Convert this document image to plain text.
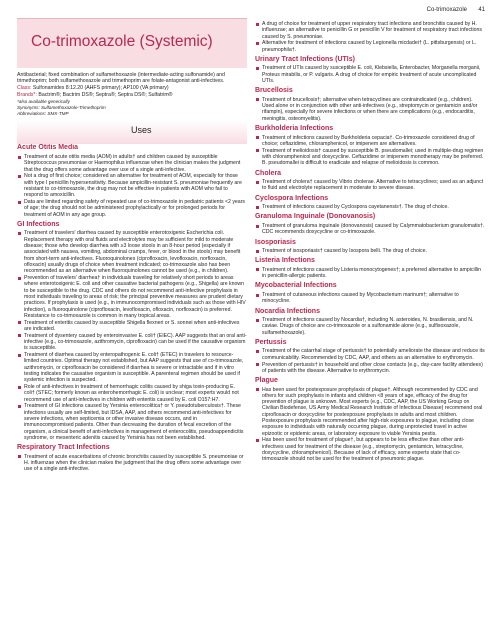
Co-trimoxazole 41
Co-trimoxazole (Systemic)

Antibacterial; fixed combination of sulfamethoxazole (intermediate-acting sulfonamide) and trimethoprim; both sulfamethoxazole and trimethoprim are folate-antagonist anti-infectives.

Class: Sulfonamides 8:12.20 (AHFS primary); AP100 (VA primary)

Brands*: Bactrim®; Bactrim DS®; Septra®; Septra DS®; Sulfatrim®

*also available generically

Synonyms: Sulfamethoxazole-Trimethoprim

Abbreviations: SMX-TMP

Uses
Acute Otitis Media
Treatment of acute otitis media (AOM) in adults† and children caused by susceptible Streptococcus pneumoniae or Haemophilus influenzae when the clinician makes the judgment that the drug offers some advantage over use of a single anti-infective.
Not a drug of first choice; considered an alternative for treatment of AOM, especially for those with type I penicillin hypersensitivity. Because ampicillin-resistant S. pneumoniae frequently are resistant to co-trimoxazole, the drug may not be effective in patients with AOM who fail to respond to amoxicillin.
Data are limited regarding safety of repeated use of co-trimoxazole in pediatric patients <2 years of age; the drug should not be administered prophylactically or for prolonged periods for treatment of AOM in any age group.
GI Infections
Treatment of travelers' diarrhea caused by susceptible enterotoxigenic Escherichia coli. Replacement therapy with oral fluids and electrolytes may be sufficient for mild to moderate disease; those who develop diarrhea with ≥3 loose stools in an 8-hour period (especially if associated with nausea, vomiting, abdominal cramps, fever, or blood in the stools) may benefit from short-term anti-infectives. Fluoroquinolones (ciprofloxacin, levofloxacin, norfloxacin, ofloxacin) usually drugs of choice when treatment indicated; co-trimoxazole also has been recommended as an alternative when fluoroquinolones cannot be used (e.g., in children).
Prevention of travelers' diarrhea† in individuals traveling for relatively short periods to areas where enterotoxigenic E. coli and other causative bacterial pathogens (e.g., Shigella) are known to be susceptible to the drug. CDC and others do not recommend anti-infective prophylaxis in most individuals traveling to areas of risk; the principal preventive measures are prudent dietary practices. If prophylaxis is used (e.g., in immunocompromised individuals such as those with HIV infection), a fluoroquinolone (ciprofloxacin, levofloxacin, ofloxacin, norfloxacin) is preferred. Resistance to co-trimoxazole is common in many tropical areas.
Treatment of enteritis caused by susceptible Shigella flexneri or S. sonnei when anti-infectives are indicated.
Treatment of dysentery caused by enteroinvasive E. coli† (EIEC). AAP suggests that an oral anti-infective (e.g., co-trimoxazole, azithromycin, ciprofloxacin) can be used if the causative organism is susceptible.
Treatment of diarrhea caused by enteropathogenic E. coli† (ETEC) in travelers to resource-limited countries. Optimal therapy not established, but AAP suggests that use of co-trimoxazole, azithromycin, or ciprofloxacin be considered if diarrhea is severe or intractable and if in vitro testing indicates the causative organism is susceptible. A parenteral regimen should be used if systemic infection is suspected.
Role of anti-infectives in treatment of hemorrhagic colitis caused by shiga toxin-producing E. coli† (STEC; formerly known as enterohemorrhagic E. coli) is unclear; most experts would not recommend use of anti-infectives in children with enteritis caused by E. coli O157:H7.
Treatment of GI infections caused by Yersinia enterocolitica† or Y. pseudotuberculosis†. These infections usually are self-limited, but IDSA, AAP, and others recommend anti-infectives for severe infections, when septicemia or other invasive disease occurs, and in immunocompromised patients. Other than decreasing the duration of fecal excretion of the organism, a clinical benefit of anti-infectives in management of enterocolitis, pseudoappendicitis syndrome, or mesenteric adenitis caused by Yersinia has not been established.
Respiratory Tract Infections
Treatment of acute exacerbations of chronic bronchitis caused by susceptible S. pneumoniae or H. influenzae when the clinician makes the judgment that the drug offers some advantage over use of a single anti-infective.
A drug of choice for treatment of upper respiratory tract infections and bronchitis caused by H. influenzae; an alternative to penicillin G or penicillin V for treatment of respiratory tract infections caused by S. pneumoniae.
Alternative for treatment of infections caused by Legionella micdadei† (L. pittsburgensis) or L. pneumophila†.
Urinary Tract Infections (UTIs)
Treatment of UTIs caused by susceptible E. coli, Klebsiella, Enterobacter, Morganella morganii, Proteus mirabilis, or P. vulgaris. A drug of choice for empiric treatment of acute uncomplicated UTIs.
Brucellosis
Treatment of brucellosis†; alternative when tetracyclines are contraindicated (e.g., children). Used alone or in conjunction with other anti-infectives (e.g., streptomycin or gentamicin and/or rifampin), especially for severe infections or when there are complications (e.g., endocarditis, meningitis, osteomyelitis).
Burkholderia Infections
Treatment of infections caused by Burkholderia cepacia†. Co-trimoxazole considered drug of choice; ceftazidime, chloramphenicol, or imipenem are alternatives.
Treatment of melioidosis† caused by susceptible B. pseudomallei; used in multiple-drug regimen with chloramphenicol and doxycycline. Ceftazidime or imipenem monotherapy may be preferred. B. pseudomallei is difficult to eradicate and relapse of melioidosis is common.
Cholera
Treatment of cholera† caused by Vibrio cholerae. Alternative to tetracyclines; used as an adjunct to fluid and electrolyte replacement in moderate to severe disease.
Cyclospora Infections
Treatment of infections caused by Cyclospora cayetanensis†. The drug of choice.
Granuloma Inguinale (Donovanosis)
Treatment of granuloma inguinale (donovanosis) caused by Calymmatobacterium granulomatis†. CDC recommends doxycycline or co-trimoxazole.
Isosporiasis
Treatment of isosporiasis† caused by Isospora belli. The drug of choice.
Listeria Infections
Treatment of infections caused by Listeria monocytogenes†; a preferred alternative to ampicillin in penicillin-allergic patients.
Mycobacterial Infections
Treatment of cutaneous infections caused by Mycobacterium marinum†; alternative to minocycline.
Nocardia Infections
Treatment of infections caused by Nocardia†, including N. asteroides, N. brasiliensis, and N. caviae. Drugs of choice are co-trimoxazole or a sulfonamide alone (e.g., sulfisoxazole, sulfamethoxazole).
Pertussis
Treatment of the catarrhal stage of pertussis† to potentially ameliorate the disease and reduce its communicability. Recommended by CDC, AAP, and others as an alternative to erythromycin.
Prevention of pertussis† in household and other close contacts (e.g., day-care facility attendees) of patients with the disease. Alternative to erythromycin.
Plague
Has been used for postexposure prophylaxis of plague†. Although recommended by CDC and others for such prophylaxis in infants and children <8 years of age, efficacy of the drug for prevention of plague is unknown. Most experts (e.g., CDC, AAP, the US Working Group on Civilian Biodefense, US Army Medical Research Institute of Infectious Disease) recommend oral ciprofloxacin or doxycycline for postexposure prophylaxis in adults and most children. Postexposure prophylaxis recommended after high-risk exposures to plague, including close exposure to individuals with naturally occurring plague, during unprotected travel in active epizootic or epidemic areas, or laboratory exposure to viable Yersinia pestis.
Has been used for treatment of plague†, but appears to be less effective than other anti-infectives used for treatment of the disease (e.g., streptomycin, gentamicin, tetracycline, doxycycline, chloramphenicol). Because of lack of efficacy, some experts state that co-trimoxazole should not be used for the treatment of pneumonic plague.
